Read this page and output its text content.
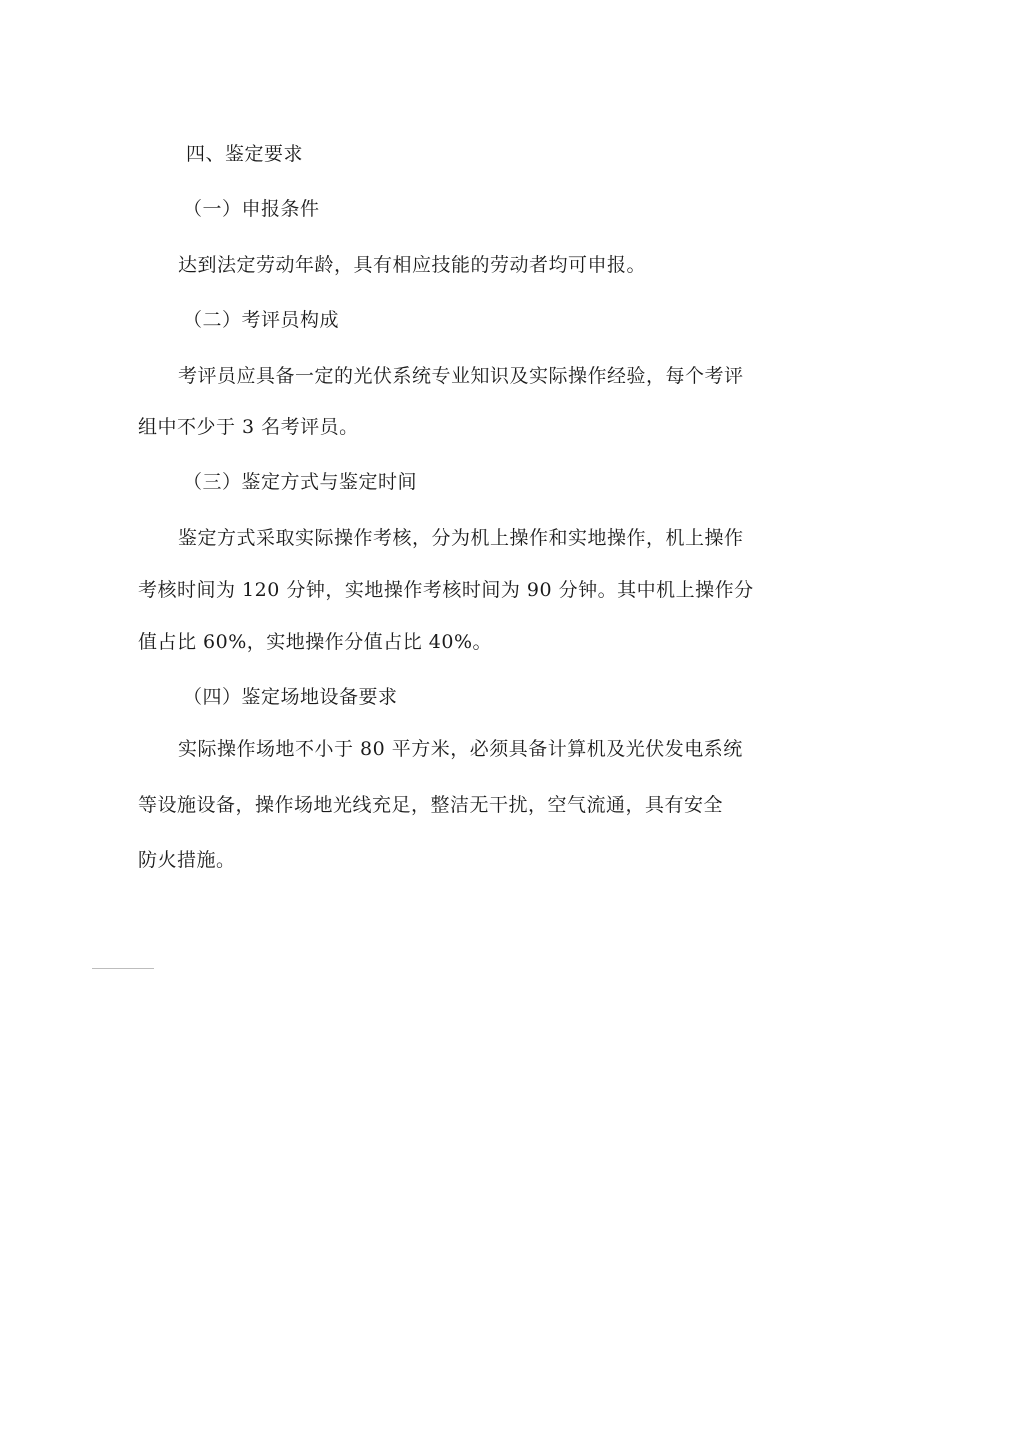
四、鉴定要求
（一）申报条件
达到法定劳动年龄，具有相应技能的劳动者均可申报。
（二）考评员构成
考评员应具备一定的光伏系统专业知识及实际操作经验，每个考评
组中不少于 3 名考评员。
（三）鉴定方式与鉴定时间
鉴定方式采取实际操作考核，分为机上操作和实地操作，机上操作
考核时间为 120 分钟，实地操作考核时间为 90 分钟。其中机上操作分
值占比 60%，实地操作分值占比 40%。
（四）鉴定场地设备要求
实际操作场地不小于 80 平方米，必须具备计算机及光伏发电系统
等设施设备，操作场地光线充足，整洁无干扰，空气流通，具有安全
防火措施。
